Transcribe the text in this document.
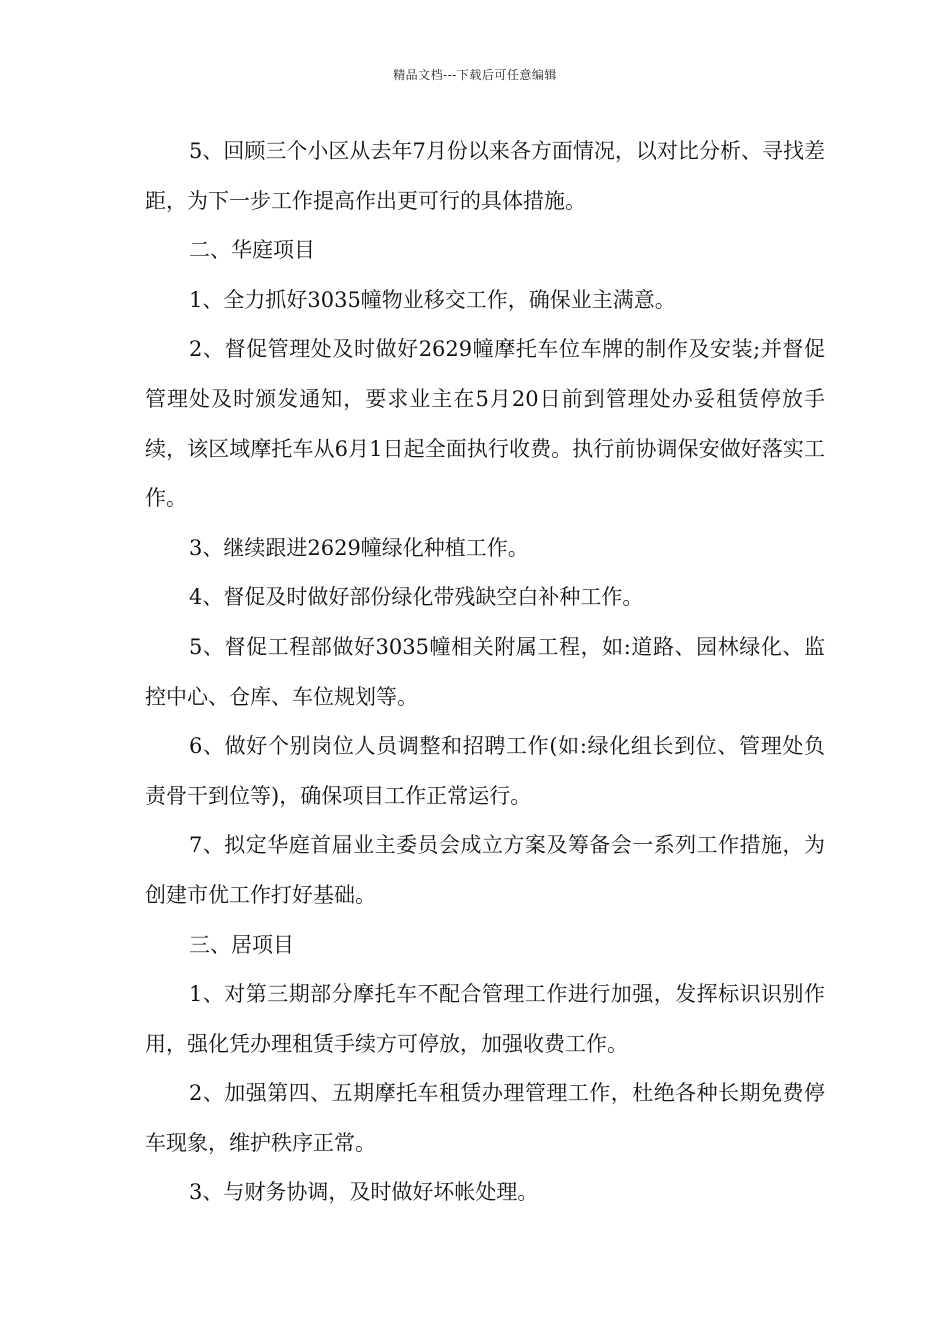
精品文档---下载后可任意编辑

5、回顾三个小区从去年7月份以来各方面情况，以对比分析、寻找差距，为下一步工作提高作出更可行的具体措施。

二、华庭项目

1、全力抓好3035幢物业移交工作，确保业主满意。

2、督促管理处及时做好2629幢摩托车位车牌的制作及安装;并督促管理处及时颁发通知，要求业主在5月20日前到管理处办妥租赁停放手续，该区域摩托车从6月1日起全面执行收费。执行前协调保安做好落实工作。

3、继续跟进2629幢绿化种植工作。

4、督促及时做好部份绿化带残缺空白补种工作。

5、督促工程部做好3035幢相关附属工程，如:道路、园林绿化、监控中心、仓库、车位规划等。

6、做好个别岗位人员调整和招聘工作(如:绿化组长到位、管理处负责骨干到位等)，确保项目工作正常运行。

7、拟定华庭首届业主委员会成立方案及筹备会一系列工作措施，为创建市优工作打好基础。

三、居项目

1、对第三期部分摩托车不配合管理工作进行加强，发挥标识识别作用，强化凭办理租赁手续方可停放，加强收费工作。

2、加强第四、五期摩托车租赁办理管理工作，杜绝各种长期免费停车现象，维护秩序正常。

3、与财务协调，及时做好坏帐处理。
